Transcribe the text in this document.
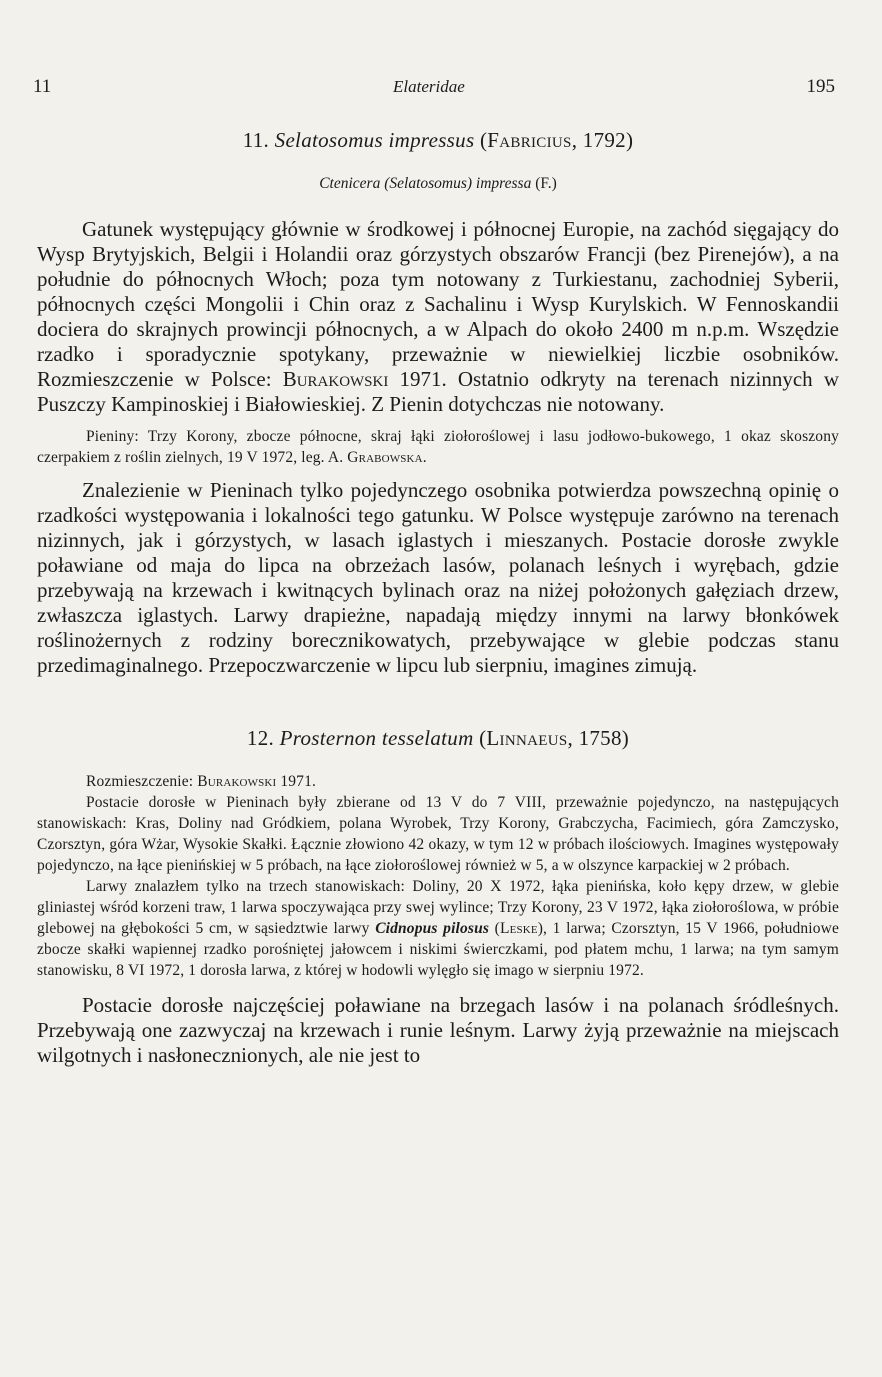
11	Elateridae	195

11. Selatosomus impressus (Fabricius, 1792)

Ctenicera (Selatosomus) impressa (F.)

Gatunek występujący głównie w środkowej i północnej Europie, na zachód sięgający do Wysp Brytyjskich, Belgii i Holandii oraz górzystych obszarów Francji (bez Pirenejów), a na południe do północnych Włoch; poza tym notowany z Turkiestanu, zachodniej Syberii, północnych części Mongolii i Chin oraz z Sachalinu i Wysp Kurylskich. W Fennoskandii dociera do skrajnych prowincji północnych, a w Alpach do około 2400 m n.p.m. Wszędzie rzadko i sporadycznie spotykany, przeważnie w niewielkiej liczbie osobników. Rozmieszczenie w Polsce: Burakowski 1971. Ostatnio odkryty na terenach nizinnych w Puszczy Kampinoskiej i Białowieskiej. Z Pienin dotychczas nie notowany.

Pieniny: Trzy Korony, zbocze północne, skraj łąki ziołoroślowej i lasu jodłowo-bukowego, 1 okaz skoszony czerpakiem z roślin zielnych, 19 V 1972, leg. A. Grabowska.

Znalezienie w Pieninach tylko pojedynczego osobnika potwierdza powszechną opinię o rzadkości występowania i lokalności tego gatunku. W Polsce występuje zarówno na terenach nizinnych, jak i górzystych, w lasach iglastych i mieszanych. Postacie dorosłe zwykle poławiane od maja do lipca na obrzeżach lasów, polanach leśnych i wyrębach, gdzie przebywają na krzewach i kwitnących bylinach oraz na niżej położonych gałęziach drzew, zwłaszcza iglastych. Larwy drapieżne, napadają między innymi na larwy błonkówek roślinożernych z rodziny borecznikowatych, przebywające w glebie podczas stanu przedimaginalnego. Przepoczwarczenie w lipcu lub sierpniu, imagines zimują.

12. Prosternon tesselatum (Linnaeus, 1758)

Rozmieszczenie: Burakowski 1971.

Postacie dorosłe w Pieninach były zbierane od 13 V do 7 VIII, przeważnie pojedynczo, na następujących stanowiskach: Kras, Doliny nad Gródkiem, polana Wyrobek, Trzy Korony, Grabczycha, Facimiech, góra Zamczysko, Czorsztyn, góra Wżar, Wysokie Skałki. Łącznie złowiono 42 okazy, w tym 12 w próbach ilościowych. Imagines występowały pojedynczo, na łące pienińskiej w 5 próbach, na łące ziołoroślowej również w 5, a w olszynce karpackiej w 2 próbach.

Larwy znalazłem tylko na trzech stanowiskach: Doliny, 20 X 1972, łąka pienińska, koło kępy drzew, w glebie gliniastej wśród korzeni traw, 1 larwa spoczywająca przy swej wylince; Trzy Korony, 23 V 1972, łąka ziołoroślowa, w próbie glebowej na głębokości 5 cm, w sąsiedztwie larwy Cidnopus pilosus (Leske), 1 larwa; Czorsztyn, 15 V 1966, południowe zbocze skałki wapiennej rzadko porośniętej jałowcem i niskimi świerczkami, pod płatem mchu, 1 larwa; na tym samym stanowisku, 8 VI 1972, 1 dorosła larwa, z której w hodowli wylęgło się imago w sierpniu 1972.

Postacie dorosłe najczęściej poławiane na brzegach lasów i na polanach śródleśnych. Przebywają one zazwyczaj na krzewach i runie leśnym. Larwy żyją przeważnie na miejscach wilgotnych i nasłonecznionych, ale nie jest to
